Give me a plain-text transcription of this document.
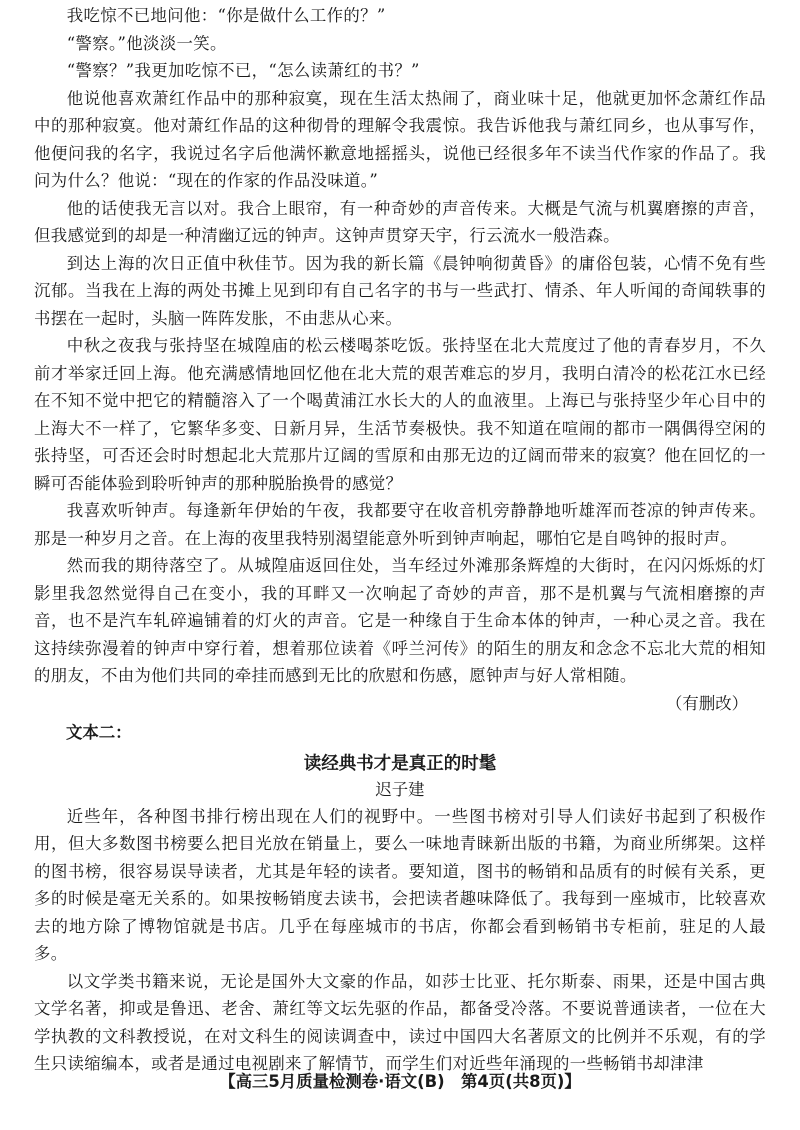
我吃惊不已地问他：“你是做什么工作的？”

“警察。”他淡淡一笑。

“警察？”我更加吃惊不已，“怎么读萧红的书？”

他说他喜欢萧红作品中的那种寂寞，现在生活太热闹了，商业味十足，他就更加怀念萧红作品中的那种寂寞。他对萧红作品的这种彻骨的理解令我震惊。我告诉他我与萧红同乡，也从事写作，他便问我的名字，我说过名字后他满怀歉意地摇摇头，说他已经很多年不读当代作家的作品了。我问为什么？他说：“现在的作家的作品没味道。”

他的话使我无言以对。我合上眼帘，有一种奇妙的声音传来。大概是气流与机翼磨擦的声音，但我感觉到的却是一种清幽辽远的钟声。这钟声贯穿天宇，行云流水一般浩森。

到达上海的次日正值中秋佳节。因为我的新长篇《晨钟响彻黄昏》的庸俗包装，心情不免有些沉郁。当我在上海的两处书摊上见到印有自己名字的书与一些武打、情杀、年人听闻的奇闻轶事的书摆在一起时，头脑一阵阵发胀，不由悲从心来。

中秋之夜我与张持坚在城隍庙的松云楼喝茶吃饭。张持坚在北大荒度过了他的青春岁月，不久前才举家迁回上海。他充满感情地回忆他在北大荒的艰苦难忘的岁月，我明白清冷的松花江水已经在不知不觉中把它的精髓溶入了一个喝黄浦江水长大的人的血液里。上海已与张持坚少年心目中的上海大不一样了，它繁华多变、日新月异，生活节奏极快。我不知道在喧闹的都市一隅偶得空闲的张持坚，可否还会时时想起北大荒那片辽阔的雪原和由那无边的辽阔而带来的寂寞？他在回忆的一瞬可否能体验到聆听钟声的那种脱胎换骨的感觉？

我喜欢听钟声。每逢新年伊始的午夜，我都要守在收音机旁静静地听雄浑而苍凉的钟声传来。那是一种岁月之音。在上海的夜里我特别渴望能意外听到钟声响起，哪怕它是自鸣钟的报时声。

然而我的期待落空了。从城隍庙返回住处，当车经过外滩那条辉煌的大街时，在闪闪烁烁的灯影里我忽然觉得自己在变小，我的耳畔又一次响起了奇妙的声音，那不是机翼与气流相磨擦的声音，也不是汽车轧碎遍铺着的灯火的声音。它是一种缘自于生命本体的钟声，一种心灵之音。我在这持续弥漫着的钟声中穿行着，想着那位读着《呼兰河传》的陌生的朋友和念念不忘北大荒的相知的朋友，不由为他们共同的牵挂而感到无比的欣慰和伤感，愿钟声与好人常相随。

（有删改）
文本二：
读经典书才是真正的时髦
迟子建

近些年，各种图书排行榜出现在人们的视野中。一些图书榜对引导人们读好书起到了积极作用，但大多数图书榜要么把目光放在销量上，要么一味地青睐新出版的书籍，为商业所绑架。这样的图书榜，很容易误导读者，尤其是年轻的读者。要知道，图书的畅销和品质有的时候有关系，更多的时候是毫无关系的。如果按畅销度去读书，会把读者趣味降低了。我每到一座城市，比较喜欢去的地方除了博物馆就是书店。几乎在每座城市的书店，你都会看到畅销书专柜前，驻足的人最多。

以文学类书籍来说，无论是国外大文豪的作品，如莎士比亚、托尔斯泰、雨果，还是中国古典文学名著，抑或是鲁迅、老舍、萧红等文坛先驱的作品，都备受冷落。不要说普通读者，一位在大学执教的文科教授说，在对文科生的阅读调查中，读过中国四大名著原文的比例并不乐观，有的学生只读缩编本，或者是通过电视剧来了解情节，而学生们对近些年涌现的一些畅销书却津津

【高三5月质量检测卷·语文(B)　第4页(共8页)】
